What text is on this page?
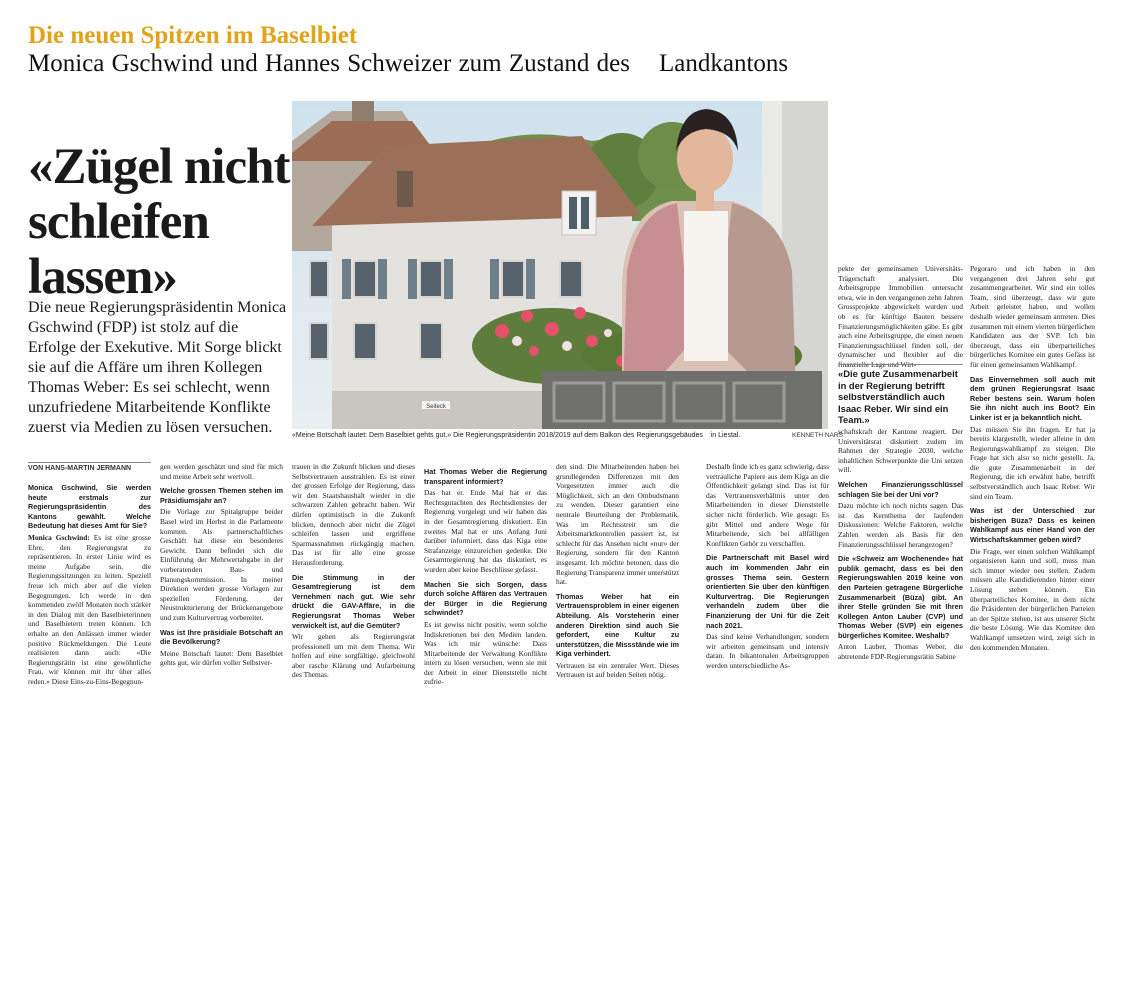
Die neuen Spitzen im Baselbiet
Monica Gschwind und Hannes Schweizer zum Zustand des    Landkantons
«Zügel nicht
schleifen
lassen»
Die neue Regierungspräsidentin Monica Gschwind (FDP) ist stolz auf die Erfolge der Exekutive. Mit Sorge blickt sie auf die Affäre um ihren Kollegen Thomas Weber: Es sei schlecht, wenn unzufriedene Mitarbeitende Konflikte zuerst via Medien zu lösen versuchen.
Seiteck
«Meine Botschaft lautet: Dem Baselbiet gehts gut.» Die Regierungspräsidentin 2018/2019 auf dem Balkon des Regierungsgebäudes    in Liestal.	KENNETH NARS
VON HANS-MARTIN JERMANN

pekte der gemeinsamen Universitäts-Trägerschaft analysiert. Die Arbeitsgruppe Immobilien untersucht etwa, wie in den vergangenen zehn Jahren Grossprojekte abgewickelt wurden und ob es für künftige Bauten bessere Finanzierungsmöglichkeiten gäbe. Es gibt auch eine Arbeitsgruppe, die einen neuen Finanzierungsschlüssel finden soll, der dynamischer und flexibler auf die finanzielle Lage und Wirt-

«Die gute Zusammenarbeit in der Regierung betrifft selbstverständlich auch Isaac Reber. Wir sind ein Team.»

Monica Gschwind, Sie werden heute erstmals zur Regierungspräsidentin des Kantons gewählt. Welche Bedeutung hat dieses Amt für Sie?

Monica Gschwind: Es ist eine grosse Ehre, den Regierungsrat zu repräsentieren. In erster Linie wird es meine Aufgabe sein, die Regierungssitzungen zu leiten. Speziell freue ich mich aber auf die vielen Begegnungen. Ich werde in den kommenden zwölf Monaten noch stärker in den Dialog mit den Baselbieterinnen und Baselbietern treten können. Ich erhalte an den Anlässen immer wieder positive Rückmeldungen. Die Leute realisieren dann auch: «Die Regierungsrätin ist eine gewöhnliche Frau, wir können mit ihr über alles reden.» Diese Eins-zu-Eins-Begegnun-

gen werden geschätzt und sind für mich und meine Arbeit sehr wertvoll.

Welche grossen Themen stehen im Präsidiumsjahr an?

Die Vorlage zur Spitalgruppe beider Basel wird im Herbst in die Parlamente kommen. Als partnerschaftliches Geschäft hat diese ein besonderes Gewicht. Dann befindet sich die Einführung der Mehrwertabgabe in der vorberatenden Bau- und Planungskommission. In meiner Direktion werden grosse Vorlagen zur speziellen Förderung, der Neustrukturierung der Brückenangebote und zum Kulturvertrag vorbereitet.

Was ist Ihre präsidiale Botschaft an die Bevölkerung?

Meine Botschaft lautet: Dem Baselbiet gehts gut, wir dürfen voller Selbstver-

trauen in die Zukunft blicken und dieses Selbstvertrauen ausstrahlen. Es ist einer der grossen Erfolge der Regierung, dass wir den Staatshaushalt wieder in die schwarzen Zahlen gebracht haben. Wir dürfen optimistisch in die Zukunft blicken, dennoch aber nicht die Zügel schleifen lassen und ergriffene Sparmassnahmen rückgängig machen. Das ist für alle eine grosse Herausforderung.

Die Stimmung in der Gesamtregierung ist dem Vernehmen nach gut. Wie sehr drückt die GAV-Affäre, in die Regierungsrat Thomas Weber verwickelt ist, auf die Gemüter?

Wir gehen als Regierungsrat professionell um mit dem Thema. Wir hoffen auf eine sorgfältige, gleichwohl aber rasche Klärung und Aufarbeitung des Themas.

Hat Thomas Weber die Regierung transparent informiert?

Das hat er. Ende Mai hat er das Rechtsgutachten des Rechtsdienstes der Regierung vorgelegt und wir haben das in der Gesamtregierung diskutiert. Ein zweites Mal hat er uns Anfang Juni darüber informiert, dass das Kiga eine Strafanzeige einzureichen gedenke. Die Gesamtregierung hat das diskutiert, es wurden aber keine Beschlüsse gefasst.

Machen Sie sich Sorgen, dass durch solche Affären das Vertrauen der Bürger in die Regierung schwindet?

Es ist gewiss nicht positiv, wenn solche Indiskretionen bei den Medien landen. Was ich mir wünsche: Dass Mitarbeitende der Verwaltung Konflikte intern zu lösen versuchen, wenn sie mit der Arbeit in einer Dienststelle nicht zufrie-

den sind. Die Mitarbeitenden haben bei grundlegenden Differenzen mit den Vorgesetzten immer auch die Möglichkeit, sich an den Ombudsmann zu wenden. Dieser garantiert eine neutrale Beurteilung der Problematik. Was im Rechtsstreit um die Arbeitsmarktkontrollen passiert ist, ist schlecht für das Ansehen nicht «nur» der Regierung, sondern für den Kanton insgesamt. Ich möchte betonen, dass die Regierung Transparenz immer unterstützt hat.

Thomas Weber hat ein Vertrauensproblem in einer eigenen Abteilung. Als Vorsteherin einer anderen Direktion sind auch Sie gefordert, eine Kultur zu unterstützen, die Missstände wie im Kiga verhindert.

Vertrauen ist ein zentraler Wert. Dieses Vertrauen ist auf beiden Seiten nötig.

Deshalb finde ich es ganz schwierig, dass vertrauliche Papiere aus dem Kiga an die Öffentlichkeit gelangt sind. Das ist für das Vertrauensverhältnis unter den Mitarbeitenden in dieser Dienststelle sicher nicht förderlich. Wie gesagt: Es gibt Mittel und andere Wege für Mitarbeitende, sich bei allfälligen Konflikten Gehör zu verschaffen.

Die Partnerschaft mit Basel wird auch im kommenden Jahr ein grosses Thema sein. Gestern orientierten Sie über den künftigen Kulturvertrag. Die Regierungen verhandeln zudem über die Finanzierung der Uni für die Zeit nach 2021.

Das sind keine Verhandlungen, sondern wir arbeiten gemeinsam und intensiv daran. In bikantonalen Arbeitsgruppen werden unterschiedliche As-

schaftskraft der Kantone reagiert. Der Universitätsrat diskutiert zudem im Rahmen der Strategie 2030, welche inhaltlichen Schwerpunkte die Uni setzen will.

Welchen Finanzierungsschlüssel schlagen Sie bei der Uni vor?

Dazu möchte ich noch nichts sagen. Das ist das Kernthema der laufenden Diskussionen: Welche Faktoren, welche Zahlen werden als Basis für den Finanzierungsschlüssel herangezogen?

Die «Schweiz am Wochenende» hat publik gemacht, dass es bei den Regierungswahlen 2019 keine von den Parteien getragene Bürgerliche Zusammenarbeit (Büza) gibt. An ihrer Stelle gründen Sie mit Ihren Kollegen Anton Lauber (CVP) und Thomas Weber (SVP) ein eigenes bürgerliches Komitee. Weshalb?

Anton Lauber, Thomas Weber, die abtretende FDP-Regierungsrätin Sabine

Pegoraro und ich haben in den vergangenen drei Jahren sehr gut zusammengearbeitet. Wir sind ein tolles Team, sind überzeugt, dass wir gute Arbeit geleistet haben, und wollen deshalb wieder gemeinsam antreten. Dies zusammen mit einem vierten bürgerlichen Kandidaten aus der SVP. Ich bin überzeugt, dass ein überparteiliches bürgerliches Komitee ein gutes Gefäss ist für einen gemeinsamen Wahlkampf.

Das Einvernehmen soll auch mit dem grünen Regierungsrat Isaac Reber bestens sein. Warum holen Sie ihn nicht auch ins Boot? Ein Linker ist er ja bekanntlich nicht.

Das müssen Sie ihn fragen. Er hat ja bereits klargestellt, wieder alleine in den Regierungswahlkampf zu steigen. Die Frage hat sich also so nicht gestellt. Ja, die gute Zusammenarbeit in der Regierung, die ich erwähnt habe, betrifft selbstverständlich auch Isaac Reber. Wir sind ein Team.

Was ist der Unterschied zur bisherigen Büza? Dass es keinen Wahlkampf aus einer Hand von der Wirtschaftskammer geben wird?

Die Frage, wer einen solchen Wahlkampf organisieren kann und soll, muss man sich immer wieder neu stellen. Zudem müssen alle Kandidierenden hinter einer Lösung stehen können. Ein überparteiliches Komitee, in dem nicht die Präsidenten der bürgerlichen Parteien an der Spitze stehen, ist aus unserer Sicht die beste Lösung. Wie das Komitee den Wahlkampf umsetzen wird, zeigt sich in den kommenden Monaten.
